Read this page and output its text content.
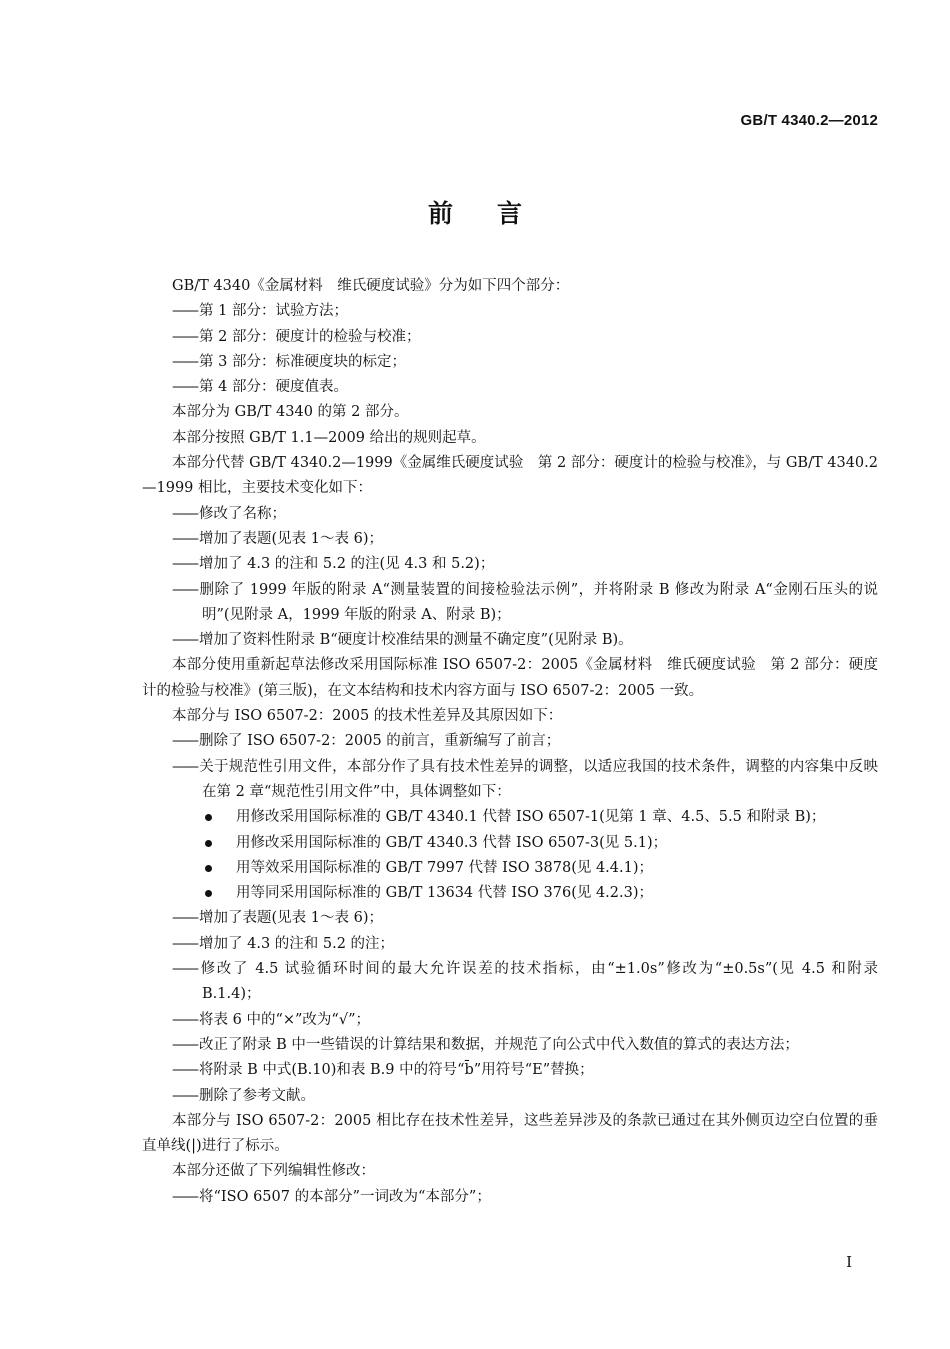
GB/T 4340.2—2012
前言

GB/T 4340《金属材料　维氏硬度试验》分为如下四个部分：

—— 第 1 部分：试验方法；

—— 第 2 部分：硬度计的检验与校准；

—— 第 3 部分：标准硬度块的标定；

—— 第 4 部分：硬度值表。

本部分为 GB/T 4340 的第 2 部分。

本部分按照 GB/T 1.1—2009 给出的规则起草。

本部分代替 GB/T 4340.2—1999《金属维氏硬度试验　第 2 部分：硬度计的检验与校准》，与 GB/T 4340.2—1999 相比，主要技术变化如下：

—— 修改了名称；

—— 增加了表题(见表 1～表 6)；

—— 增加了 4.3 的注和 5.2 的注(见 4.3 和 5.2)；

—— 删除了 1999 年版的附录 A“测量装置的间接检验法示例”，并将附录 B 修改为附录 A“金刚石压头的说明”(见附录 A，1999 年版的附录 A、附录 B)；

—— 增加了资料性附录 B“硬度计校准结果的测量不确定度”(见附录 B)。

本部分使用重新起草法修改采用国际标准 ISO 6507-2：2005《金属材料　维氏硬度试验　第 2 部分：硬度计的检验与校准》(第三版)，在文本结构和技术内容方面与 ISO 6507-2：2005 一致。

本部分与 ISO 6507-2：2005 的技术性差异及其原因如下：

—— 删除了 ISO 6507-2：2005 的前言，重新编写了前言；

—— 关于规范性引用文件，本部分作了具有技术性差异的调整，以适应我国的技术条件，调整的内容集中反映在第 2 章“规范性引用文件”中，具体调整如下：

用修改采用国际标准的 GB/T 4340.1 代替 ISO 6507-1(见第 1 章、4.5、5.5 和附录 B)；

用修改采用国际标准的 GB/T 4340.3 代替 ISO 6507-3(见 5.1)；

用等效采用国际标准的 GB/T 7997 代替 ISO 3878(见 4.4.1)；

用等同采用国际标准的 GB/T 13634 代替 ISO 376(见 4.2.3)；

—— 增加了表题(见表 1～表 6)；

—— 增加了 4.3 的注和 5.2 的注；

—— 修改了 4.5 试验循环时间的最大允许误差的技术指标，由“±1.0s”修改为“±0.5s”(见 4.5 和附录 B.1.4)；

—— 将表 6 中的“×”改为“√”；

—— 改正了附录 B 中一些错误的计算结果和数据，并规范了向公式中代入数值的算式的表达方法；

—— 将附录 B 中式(B.10)和表 B.9 中的符号“b̄”用符号“E”替换；

—— 删除了参考文献。

本部分与 ISO 6507-2：2005 相比存在技术性差异，这些差异涉及的条款已通过在其外侧页边空白位置的垂直单线(|)进行了标示。

本部分还做了下列编辑性修改：

—— 将“ISO 6507 的本部分”一词改为“本部分”；

I
